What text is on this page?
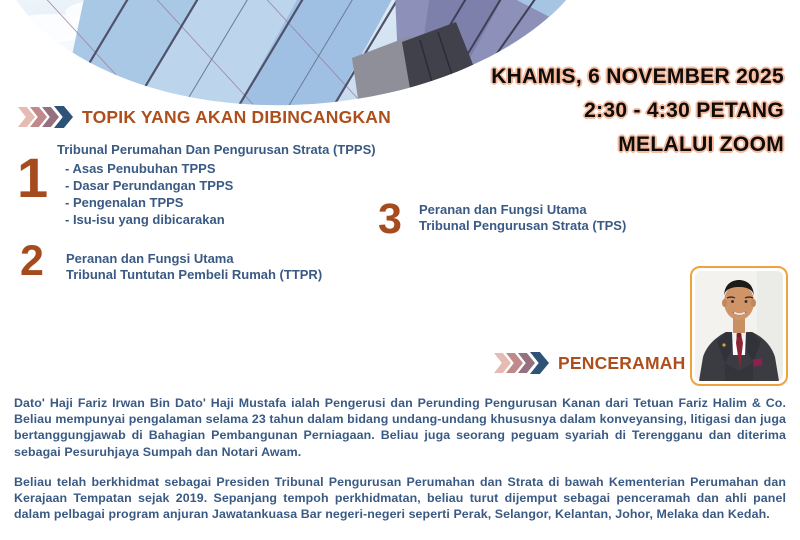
KHAMIS, 6 NOVEMBER 2025
2:30 - 4:30 PETANG
MELALUI ZOOM
TOPIK YANG AKAN DIBINCANGKAN
1 Tribunal Perumahan Dan Pengurusan Strata (TPPS)
- Asas Penubuhan TPPS
- Dasar Perundangan TPPS
- Pengenalan TPPS
- Isu-isu yang dibicarakan
2 Peranan dan Fungsi Utama
Tribunal Tuntutan Pembeli Rumah (TTPR)
3 Peranan dan Fungsi Utama
Tribunal Pengurusan Strata (TPS)
PENCERAMAH

Dato' Haji Fariz Irwan Bin Dato' Haji Mustafa ialah Pengerusi dan Perunding Pengurusan Kanan dari Tetuan Fariz Halim & Co. Beliau mempunyai pengalaman selama 23 tahun dalam bidang undang-undang khususnya dalam konveyansing, litigasi dan juga bertanggungjawab di Bahagian Pembangunan Perniagaan. Beliau juga seorang peguam syariah di Terengganu dan diterima sebagai Pesuruhjaya Sumpah dan Notari Awam.

Beliau telah berkhidmat sebagai Presiden Tribunal Pengurusan Perumahan dan Strata di bawah Kementerian Perumahan dan Kerajaan Tempatan sejak 2019. Sepanjang tempoh perkhidmatan, beliau turut dijemput sebagai penceramah dan ahli panel dalam pelbagai program anjuran Jawatankuasa Bar negeri-negeri seperti Perak, Selangor, Kelantan, Johor, Melaka dan Kedah.
